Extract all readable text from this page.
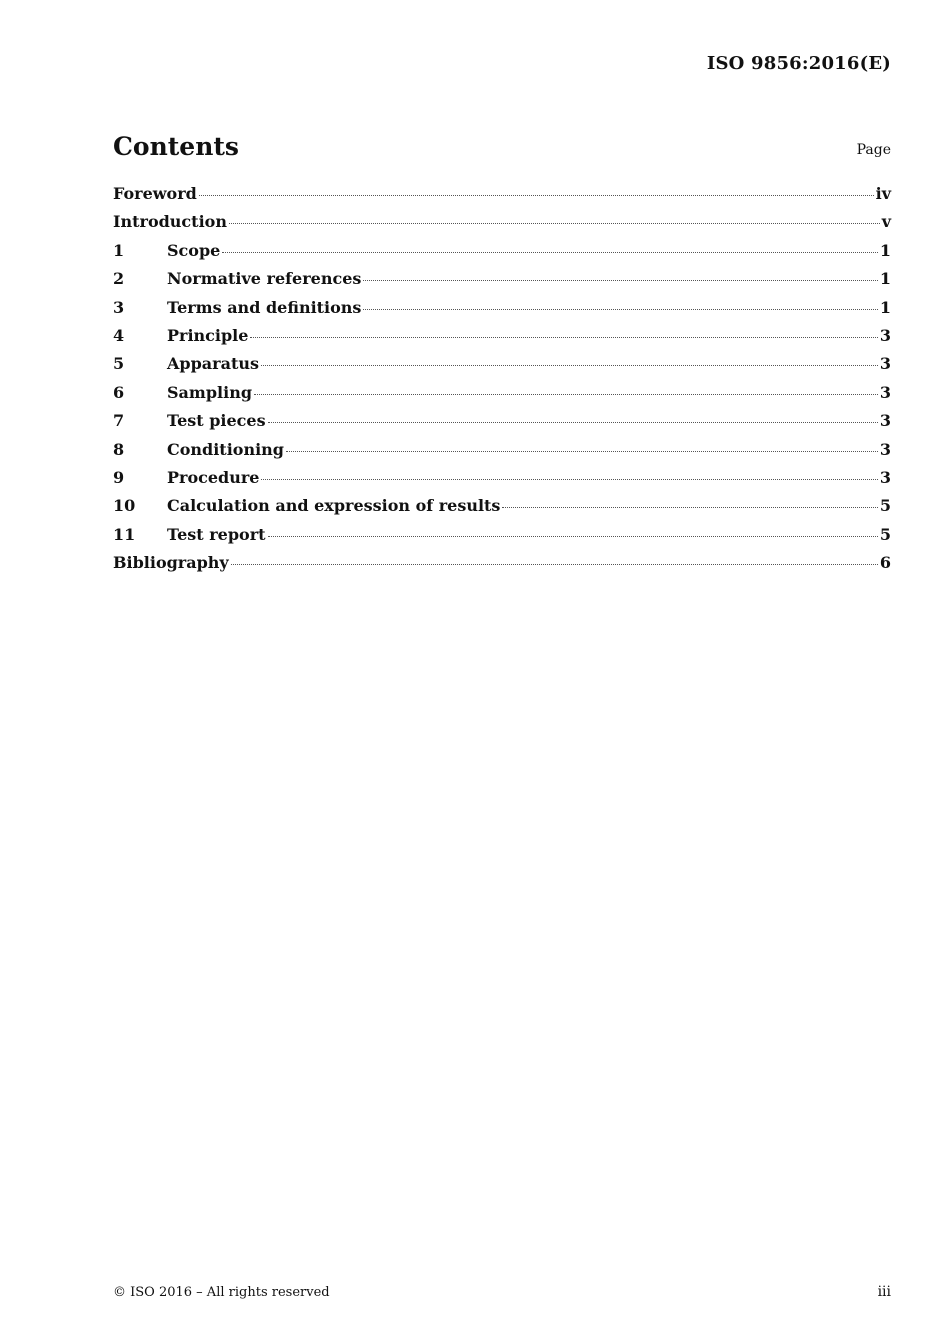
ISO 9856:2016(E)
Contents	Page
Foreword	iv
Introduction	v
1	Scope	1
2	Normative references	1
3	Terms and definitions	1
4	Principle	3
5	Apparatus	3
6	Sampling	3
7	Test pieces	3
8	Conditioning	3
9	Procedure	3
10	Calculation and expression of results	5
11	Test report	5
Bibliography	6
© ISO 2016 – All rights reserved	iii
